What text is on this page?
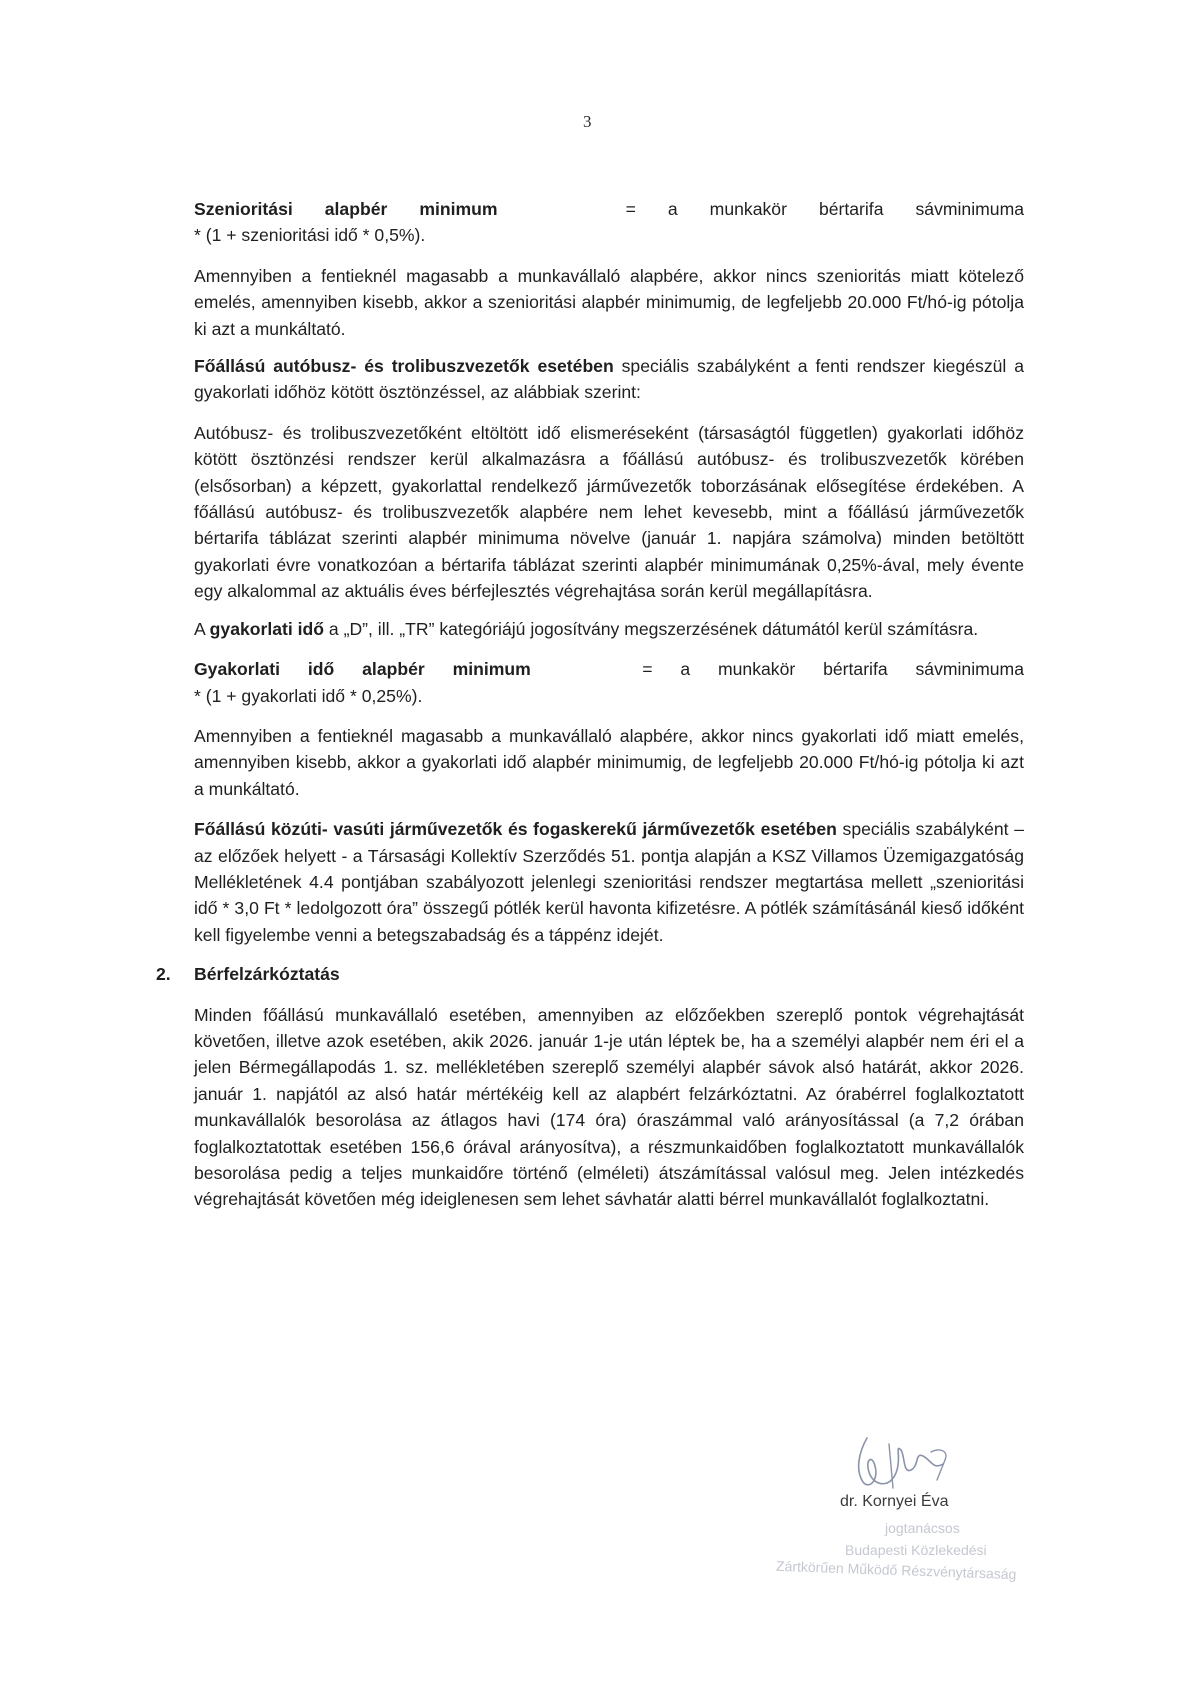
3

Szenioritási alapbér minimum	= a munkakör bértarifa sávminimuma

* (1 + szenioritási idő * 0,5%).

Amennyiben a fentieknél magasabb a munkavállaló alapbére, akkor nincs szenioritás miatt kötelező emelés, amennyiben kisebb, akkor a szenioritási alapbér minimumig, de legfeljebb 20.000 Ft/hó-ig pótolja ki azt a munkáltató.

Főállású autóbusz- és trolibuszvezetők esetében speciális szabályként a fenti rendszer kiegészül a gyakorlati időhöz kötött ösztönzéssel, az alábbiak szerint:

Autóbusz- és trolibuszvezetőként eltöltött idő elismeréseként (társaságtól független) gyakorlati időhöz kötött ösztönzési rendszer kerül alkalmazásra a főállású autóbusz- és trolibuszvezetők körében (elsősorban) a képzett, gyakorlattal rendelkező járművezetők toborzásának elősegítése érdekében. A főállású autóbusz- és trolibuszvezetők alapbére nem lehet kevesebb, mint a főállású járművezetők bértarifa táblázat szerinti alapbér minimuma növelve (január 1. napjára számolva) minden betöltött gyakorlati évre vonatkozóan a bértarifa táblázat szerinti alapbér minimumának 0,25%-ával, mely évente egy alkalommal az aktuális éves bérfejlesztés végrehajtása során kerül megállapításra.

A gyakorlati idő a „D”, ill. „TR” kategóriájú jogosítvány megszerzésének dátumától kerül számításra.

Gyakorlati idő alapbér minimum	= a munkakör bértarifa sávminimuma

* (1 + gyakorlati idő * 0,25%).

Amennyiben a fentieknél magasabb a munkavállaló alapbére, akkor nincs gyakorlati idő miatt emelés, amennyiben kisebb, akkor a gyakorlati idő alapbér minimumig, de legfeljebb 20.000 Ft/hó-ig pótolja ki azt a munkáltató.

Főállású közúti- vasúti járművezetők és fogaskerekű járművezetők esetében speciális szabályként – az előzőek helyett - a Társasági Kollektív Szerződés 51. pontja alapján a KSZ Villamos Üzemigazgatóság Mellékletének 4.4 pontjában szabályozott jelenlegi szenioritási rendszer megtartása mellett „szenioritási idő * 3,0 Ft * ledolgozott óra” összegű pótlék kerül havonta kifizetésre. A pótlék számításánál kieső időként kell figyelembe venni a betegszabadság és a táppénz idejét.

2. Bérfelzárkóztatás

Minden főállású munkavállaló esetében, amennyiben az előzőekben szereplő pontok végrehajtását követően, illetve azok esetében, akik 2026. január 1-je után léptek be, ha a személyi alapbér nem éri el a jelen Bérmegállapodás 1. sz. mellékletében szereplő személyi alapbér sávok alsó határát, akkor 2026. január 1. napjától az alsó határ mértékéig kell az alapbért felzárkóztatni. Az órabérrel foglalkoztatott munkavállalók besorolása az átlagos havi (174 óra) óraszámmal való arányosítással (a 7,2 órában foglalkoztatottak esetében 156,6 órával arányosítva), a részmunkaidőben foglalkoztatott munkavállalók besorolása pedig a teljes munkaidőre történő (elméleti) átszámítással valósul meg. Jelen intézkedés végrehajtását követően még ideiglenesen sem lehet sávhatár alatti bérrel munkavállalót foglalkoztatni.

dr. Kornyei Éva
jogtanácsos
Budapesti Közlekedési
Zártkörűen Működő Részvénytársaság
